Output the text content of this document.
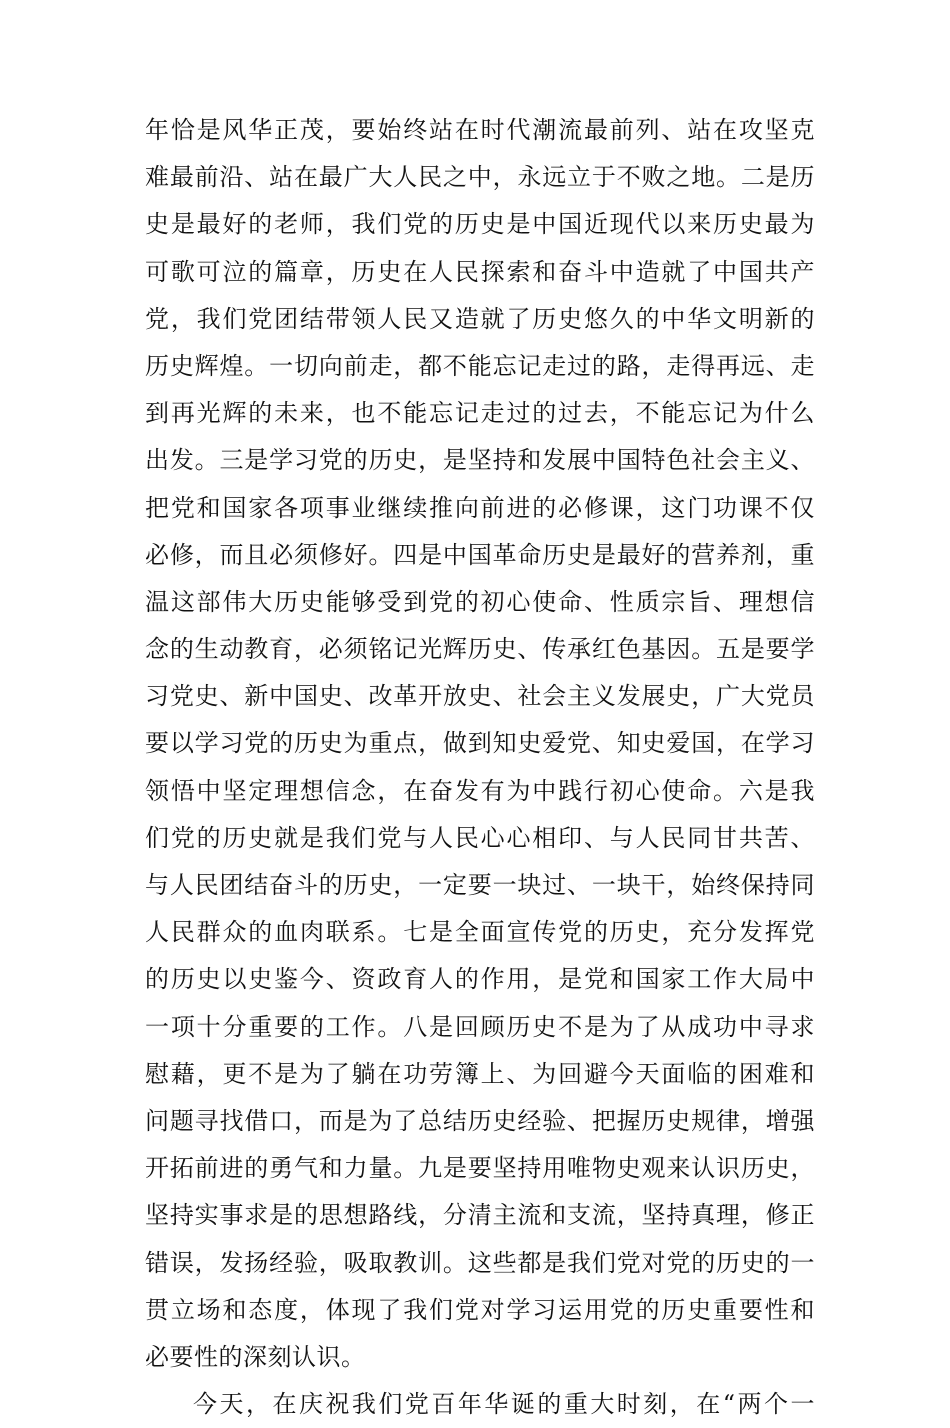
年恰是风华正茂，要始终站在时代潮流最前列、站在攻坚克
难最前沿、站在最广大人民之中，永远立于不败之地。二是历
史是最好的老师，我们党的历史是中国近现代以来历史最为
可歌可泣的篇章，历史在人民探索和奋斗中造就了中国共产
党，我们党团结带领人民又造就了历史悠久的中华文明新的
历史辉煌。一切向前走，都不能忘记走过的路，走得再远、走
到再光辉的未来，也不能忘记走过的过去，不能忘记为什么
出发。三是学习党的历史，是坚持和发展中国特色社会主义、
把党和国家各项事业继续推向前进的必修课，这门功课不仅
必修，而且必须修好。四是中国革命历史是最好的营养剂，重
温这部伟大历史能够受到党的初心使命、性质宗旨、理想信
念的生动教育，必须铭记光辉历史、传承红色基因。五是要学
习党史、新中国史、改革开放史、社会主义发展史，广大党员
要以学习党的历史为重点，做到知史爱党、知史爱国，在学习
领悟中坚定理想信念，在奋发有为中践行初心使命。六是我
们党的历史就是我们党与人民心心相印、与人民同甘共苦、
与人民团结奋斗的历史，一定要一块过、一块干，始终保持同
人民群众的血肉联系。七是全面宣传党的历史，充分发挥党
的历史以史鉴今、资政育人的作用，是党和国家工作大局中
一项十分重要的工作。八是回顾历史不是为了从成功中寻求
慰藉，更不是为了躺在功劳簿上、为回避今天面临的困难和
问题寻找借口，而是为了总结历史经验、把握历史规律，增强
开拓前进的勇气和力量。九是要坚持用唯物史观来认识历史，
坚持实事求是的思想路线，分清主流和支流，坚持真理，修正
错误，发扬经验，吸取教训。这些都是我们党对党的历史的一
贯立场和态度，体现了我们党对学习运用党的历史重要性和
必要性的深刻认识。
今天，在庆祝我们党百年华诞的重大时刻，在“两个一
